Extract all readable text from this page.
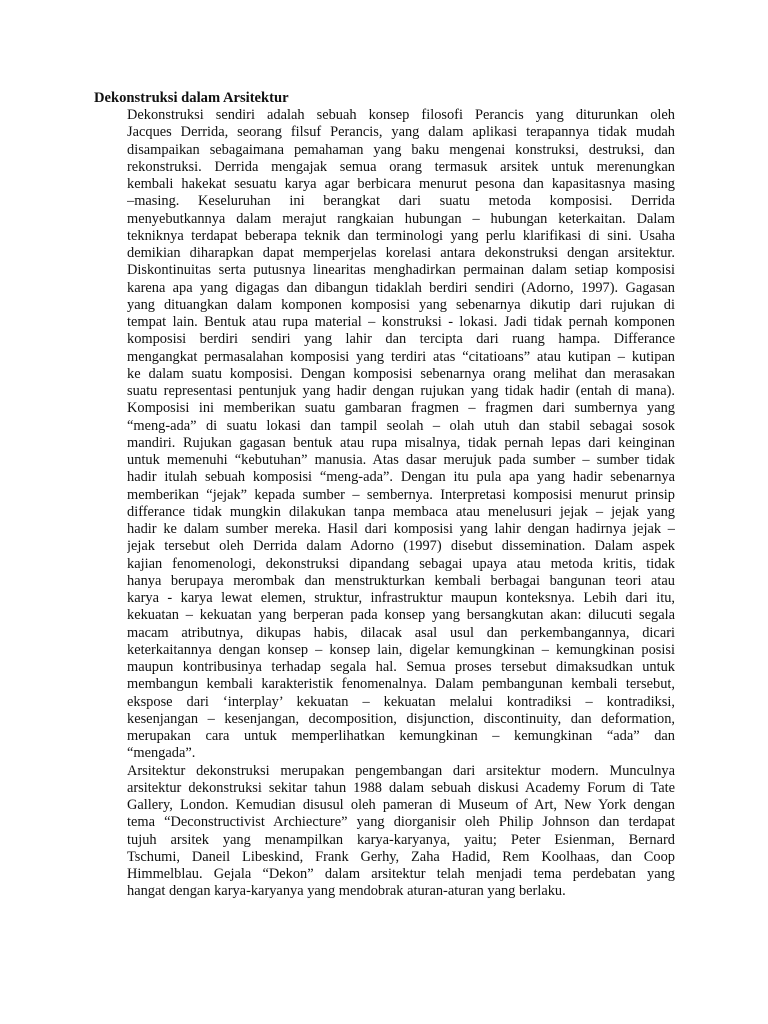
Dekonstruksi dalam Arsitektur
Dekonstruksi sendiri adalah sebuah konsep filosofi Perancis yang diturunkan oleh
Jacques Derrida, seorang filsuf Perancis, yang dalam aplikasi terapannya tidak mudah
disampaikan sebagaimana pemahaman yang baku mengenai konstruksi, destruksi, dan
rekonstruksi. Derrida mengajak semua orang termasuk arsitek untuk merenungkan
kembali hakekat sesuatu karya agar berbicara menurut pesona dan kapasitasnya masing
–masing. Keseluruhan ini berangkat dari suatu metoda komposisi. Derrida
menyebutkannya dalam merajut rangkaian hubungan – hubungan keterkaitan. Dalam
tekniknya terdapat beberapa teknik dan terminologi yang perlu klarifikasi di sini. Usaha
demikian diharapkan dapat memperjelas korelasi antara dekonstruksi dengan arsitektur.
Diskontinuitas serta putusnya linearitas menghadirkan permainan dalam setiap komposisi
karena apa yang digagas dan dibangun tidaklah berdiri sendiri (Adorno, 1997). Gagasan
yang dituangkan dalam komponen komposisi yang sebenarnya dikutip dari rujukan di
tempat lain. Bentuk atau rupa material – konstruksi - lokasi. Jadi tidak pernah komponen
komposisi berdiri sendiri yang lahir dan tercipta dari ruang hampa. Differance
mengangkat permasalahan komposisi yang terdiri atas “citatioans” atau kutipan – kutipan
ke dalam suatu komposisi. Dengan komposisi sebenarnya orang melihat dan merasakan
suatu representasi pentunjuk yang hadir dengan rujukan yang tidak hadir (entah di mana).
Komposisi ini memberikan suatu gambaran fragmen – fragmen dari sumbernya yang
“meng-ada” di suatu lokasi dan tampil seolah – olah utuh dan stabil sebagai sosok
mandiri. Rujukan gagasan bentuk atau rupa misalnya, tidak pernah lepas dari keinginan
untuk memenuhi “kebutuhan” manusia. Atas dasar merujuk pada sumber – sumber tidak
hadir itulah sebuah komposisi “meng-ada”. Dengan itu pula apa yang hadir sebenarnya
memberikan “jejak” kepada sumber – sembernya. Interpretasi komposisi menurut prinsip
differance tidak mungkin dilakukan tanpa membaca atau menelusuri jejak – jejak yang
hadir ke dalam sumber mereka. Hasil dari komposisi yang lahir dengan hadirnya jejak –
jejak tersebut oleh Derrida dalam Adorno (1997) disebut dissemination. Dalam aspek
kajian fenomenologi, dekonstruksi dipandang sebagai upaya atau metoda kritis, tidak
hanya berupaya merombak dan menstrukturkan kembali berbagai bangunan teori atau
karya - karya lewat elemen, struktur, infrastruktur maupun konteksnya. Lebih dari itu,
kekuatan – kekuatan yang berperan pada konsep yang bersangkutan akan: dilucuti segala
macam atributnya, dikupas habis, dilacak asal usul dan perkembangannya, dicari
keterkaitannya dengan konsep – konsep lain, digelar kemungkinan – kemungkinan posisi
maupun kontribusinya terhadap segala hal. Semua proses tersebut dimaksudkan untuk
membangun kembali karakteristik fenomenalnya. Dalam pembangunan kembali tersebut,
ekspose dari ‘interplay’ kekuatan – kekuatan melalui kontradiksi – kontradiksi,
kesenjangan – kesenjangan, decomposition, disjunction, discontinuity, dan deformation,
merupakan cara untuk memperlihatkan kemungkinan – kemungkinan “ada” dan
“mengada”.
Arsitektur dekonstruksi merupakan pengembangan dari arsitektur modern. Munculnya
arsitektur dekonstruksi sekitar tahun 1988 dalam sebuah diskusi Academy Forum di Tate
Gallery, London. Kemudian disusul oleh pameran di Museum of Art, New York dengan
tema “Deconstructivist Archiecture” yang diorganisir oleh Philip Johnson dan terdapat
tujuh arsitek yang menampilkan karya-karyanya, yaitu; Peter Esienman, Bernard
Tschumi, Daneil Libeskind, Frank Gerhy, Zaha Hadid, Rem Koolhaas, dan Coop
Himmelblau. Gejala “Dekon” dalam arsitektur telah menjadi tema perdebatan yang
hangat dengan karya-karyanya yang mendobrak aturan-aturan yang berlaku.
